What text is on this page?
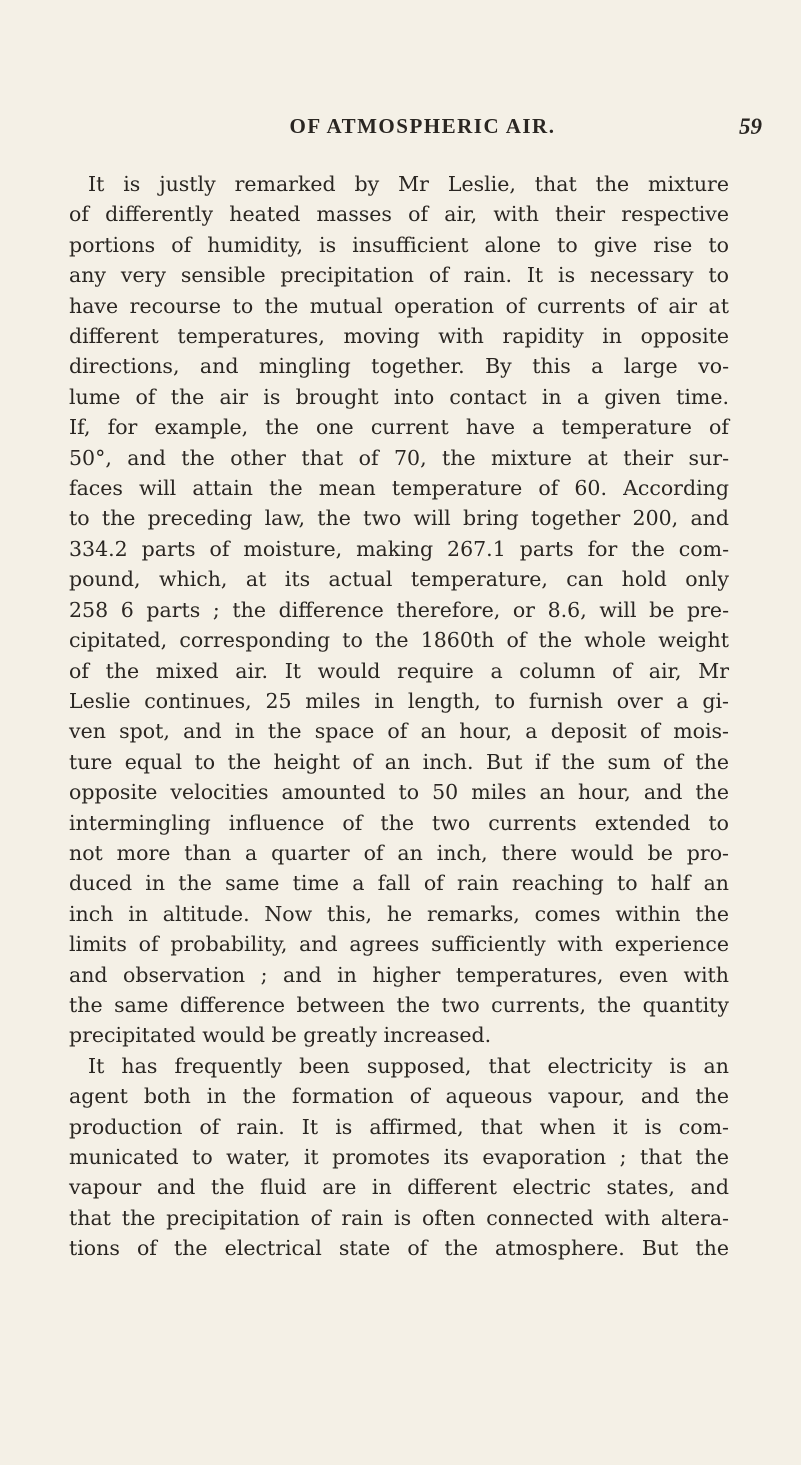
OF ATMOSPHERIC AIR.	59
It is justly remarked by Mr Leslie, that the mixture
of differently heated masses of air, with their respective
portions of humidity, is insufficient alone to give rise to
any very sensible precipitation of rain. It is necessary to
have recourse to the mutual operation of currents of air at
different temperatures, moving with rapidity in opposite
directions, and mingling together. By this a large vo-
lume of the air is brought into contact in a given time.
If, for example, the one current have a temperature of
50°, and the other that of 70, the mixture at their sur-
faces will attain the mean temperature of 60. According
to the preceding law, the two will bring together 200, and
334.2 parts of moisture, making 267.1 parts for the com-
pound, which, at its actual temperature, can hold only
258 6 parts ; the difference therefore, or 8.6, will be pre-
cipitated, corresponding to the 1860th of the whole weight
of the mixed air. It would require a column of air, Mr
Leslie continues, 25 miles in length, to furnish over a gi-
ven spot, and in the space of an hour, a deposit of mois-
ture equal to the height of an inch. But if the sum of the
opposite velocities amounted to 50 miles an hour, and the
intermingling influence of the two currents extended to
not more than a quarter of an inch, there would be pro-
duced in the same time a fall of rain reaching to half an
inch in altitude. Now this, he remarks, comes within the
limits of probability, and agrees sufficiently with experience
and observation ; and in higher temperatures, even with
the same difference between the two currents, the quantity
precipitated would be greatly increased.
It has frequently been supposed, that electricity is an
agent both in the formation of aqueous vapour, and the
production of rain. It is affirmed, that when it is com-
municated to water, it promotes its evaporation ; that the
vapour and the fluid are in different electric states, and
that the precipitation of rain is often connected with altera-
tions of the electrical state of the atmosphere. But the
